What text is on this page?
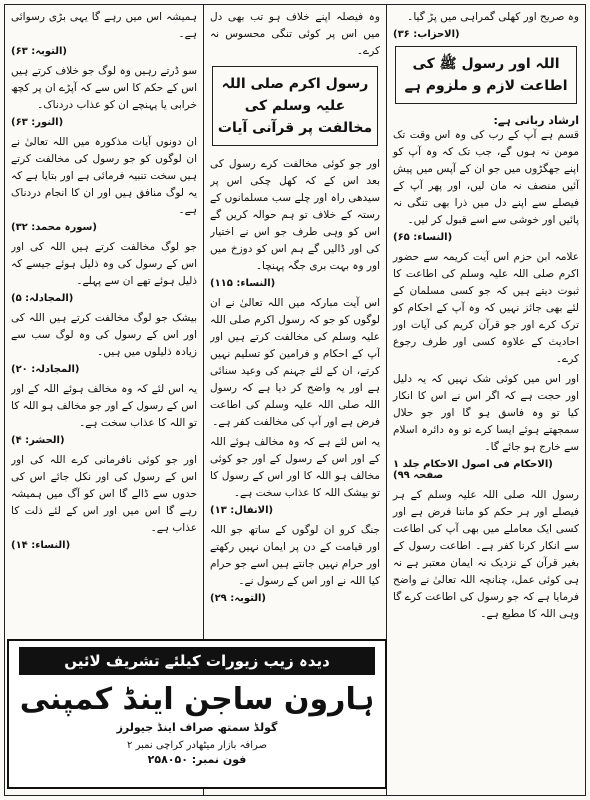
وہ صریح اور کھلی گمراہی میں پڑ گیا۔

(الاحزاب: ۳۶)
اللہ اور رسول ﷺ کی اطاعت لازم و ملزوم ہے
ارشاد ربانی ہے:

قسم ہے آپ کے رب کی وہ اس وقت تک مومن نہ ہوں گے، جب تک کہ وہ آپ کو اپنے جھگڑوں میں جو ان کے آپس میں پیش آئیں منصف نہ مان لیں، اور پھر آپ کے فیصلے سے اپنے دل میں ذرا بھی تنگی نہ پائیں اور خوشی سے اسے قبول کر لیں۔

(النساء: ۶۵)

علامہ ابن حزم اس آیت کریمہ سے حضور اکرم صلی اللہ علیہ وسلم کی اطاعت کا ثبوت دیتے ہیں کہ جو کسی مسلمان کے لئے بھی جائز نہیں کہ وہ آپ کے احکام کو ترک کرے اور جو قرآن کریم کی آیات اور احادیث کے علاوہ کسی اور طرف رجوع کرے۔

اور اس میں کوئی شک نہیں کہ یہ دلیل اور حجت ہے کہ اگر اس نے اس کا انکار کیا تو وہ فاسق ہو گا اور جو حلال سمجھتے ہوئے ایسا کرے تو وہ دائرہ اسلام سے خارج ہو جائے گا۔

(الاحکام فی اصول الاحکام جلد ۱ صفحہ ۹۹)

رسول اللہ صلی اللہ علیہ وسلم کے ہر فیصلے اور ہر حکم کو ماننا فرض ہے اور کسی ایک معاملے میں بھی آپ کی اطاعت سے انکار کرنا کفر ہے۔ اطاعت رسول کے بغیر قرآن کے نزدیک نہ ایمان معتبر ہے نہ ہی کوئی عمل، چنانچہ اللہ تعالیٰ نے واضح فرمایا ہے کہ جو رسول کی اطاعت کرے گا وہی اللہ کا مطیع ہے۔

وہ فیصلہ اپنے خلاف ہو تب بھی دل میں اس پر کوئی تنگی محسوس نہ کرے۔

رسول اکرم صلی اللہ علیہ وسلم کی مخالفت پر قرآنی آیات

اور جو کوئی مخالفت کرے رسول کی بعد اس کے کہ کھل چکی اس پر سیدھی راہ اور چلے سب مسلمانوں کے رستہ کے خلاف تو ہم حوالہ کریں گے اس کو وہی طرف جو اس نے اختیار کی اور ڈالیں گے ہم اس کو دوزخ میں اور وہ بہت بری جگہ پہنچا۔

(النساء: ۱۱۵)

اس آیت مبارکہ میں اللہ تعالیٰ نے ان لوگوں کو جو کہ رسول اکرم صلی اللہ علیہ وسلم کی مخالفت کرتے ہیں اور آپ کے احکام و فرامین کو تسلیم نہیں کرتے، ان کے لئے جہنم کی وعید سنائی ہے اور یہ واضح کر دیا ہے کہ رسول اللہ صلی اللہ علیہ وسلم کی اطاعت فرض ہے اور آپ کی مخالفت کفر ہے۔

یہ اس لئے ہے کہ وہ مخالف ہوئے اللہ کے اور اس کے رسول کے اور جو کوئی مخالف ہو اللہ کا اور اس کے رسول کا تو بیشک اللہ کا عذاب سخت ہے۔

(الانفال: ۱۳)

جنگ کرو ان لوگوں کے ساتھ جو اللہ اور قیامت کے دن پر ایمان نہیں رکھتے اور حرام نہیں جانتے ہیں اسے جو حرام کیا اللہ نے اور اس کے رسول نے۔

(التوبہ: ۲۹)

ہمیشہ اس میں رہے گا یہی بڑی رسوائی ہے۔

(التوبہ: ۶۳)

سو ڈرتے رہیں وہ لوگ جو خلاف کرتے ہیں اس کے حکم کا اس سے کہ آپڑے ان پر کچھ خرابی یا پہنچے ان کو عذاب دردناک۔

(النور: ۶۳)

ان دونوں آیات مذکورہ میں اللہ تعالیٰ نے ان لوگوں کو جو رسول کی مخالفت کرتے ہیں سخت تنبیہ فرمائی ہے اور بتایا ہے کہ یہ لوگ منافق ہیں اور ان کا انجام دردناک ہے۔

(سورہ محمد: ۳۲)

جو لوگ مخالفت کرتے ہیں اللہ کی اور اس کے رسول کی وہ ذلیل ہوئے جیسے کہ ذلیل ہوئے تھے ان سے پہلے۔

(المجادلہ: ۵)

بیشک جو لوگ مخالفت کرتے ہیں اللہ کی اور اس کے رسول کی وہ لوگ سب سے زیادہ ذلیلوں میں ہیں۔

(المجادلہ: ۲۰)

یہ اس لئے کہ وہ مخالف ہوئے اللہ کے اور اس کے رسول کے اور جو مخالف ہو اللہ کا تو اللہ کا عذاب سخت ہے۔

(الحشر: ۴)

اور جو کوئی نافرمانی کرے اللہ کی اور اس کے رسول کی اور نکل جائے اس کی حدوں سے ڈالے گا اس کو آگ میں ہمیشہ رہے گا اس میں اور اس کے لئے ذلت کا عذاب ہے۔

(النساء: ۱۴)
دیدہ زیب زیورات کیلئے تشریف لائیں
ہارون ساجن اینڈ کمپنی
گولڈ سمتھ صراف اینڈ جیولرز
صرافہ بازار میٹھادر کراچی نمبر ۲
فون نمبر: ۲۵۸۰۵۰
